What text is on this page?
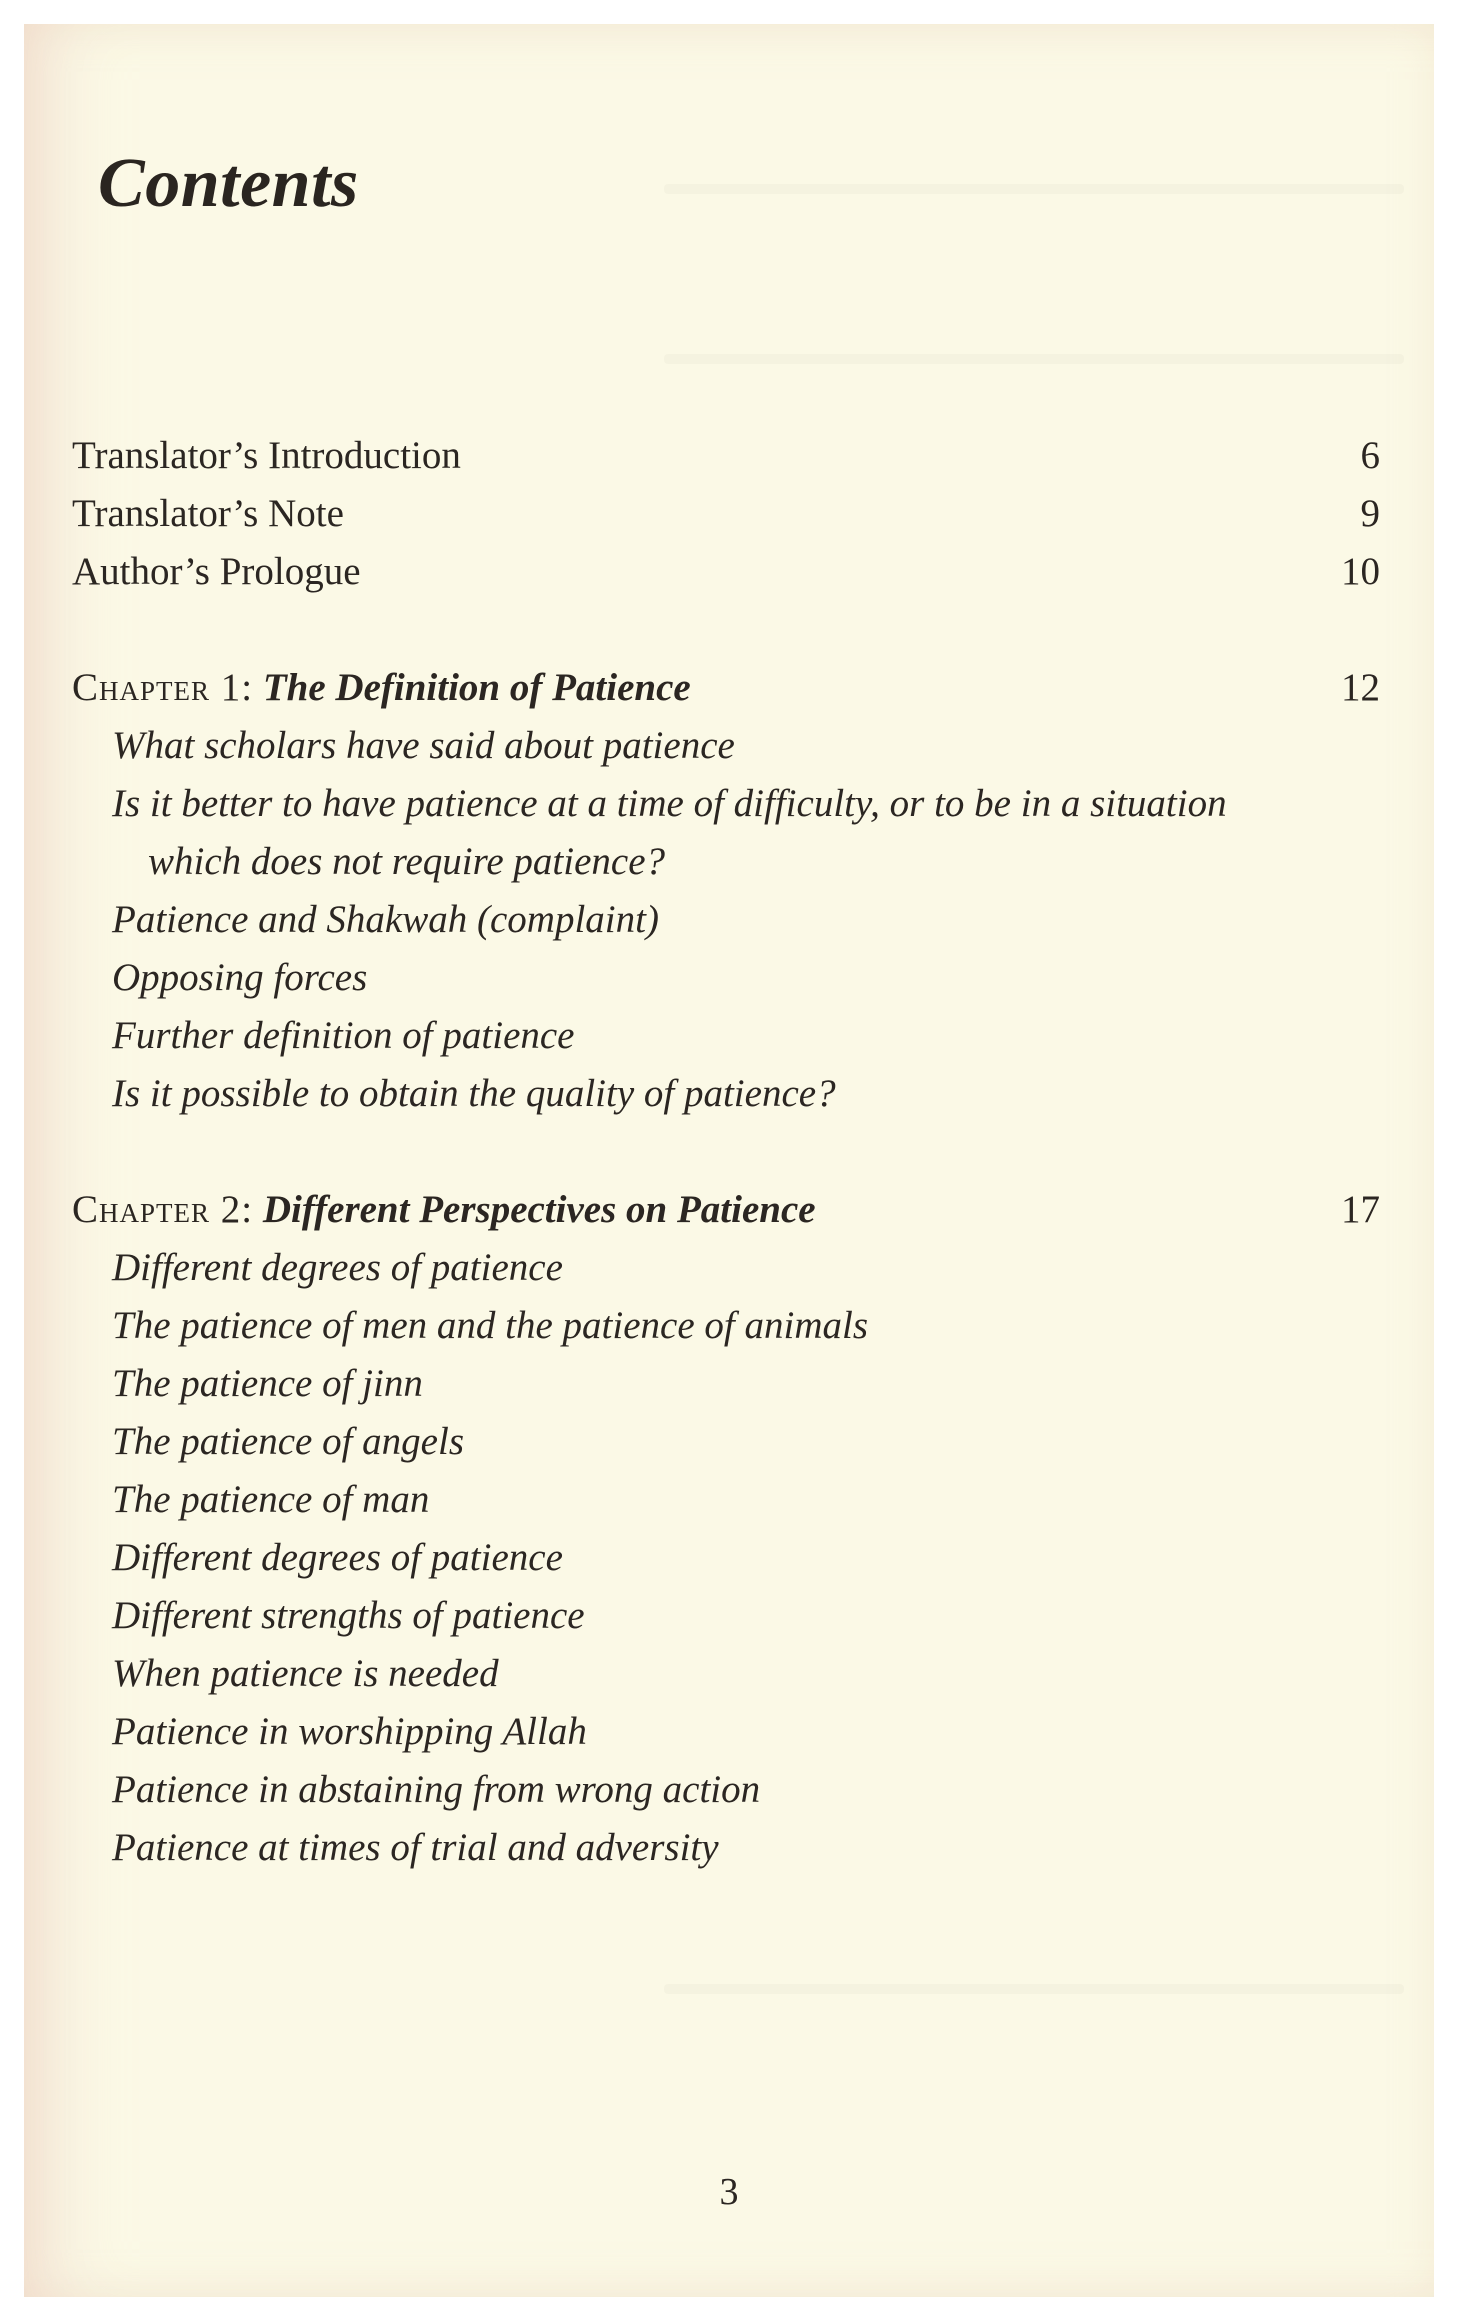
Contents
Translator’s Introduction	6
Translator’s Note	9
Author’s Prologue	10
Chapter 1: The Definition of Patience	12
What scholars have said about patience
Is it better to have patience at a time of difficulty, or to be in a situation
which does not require patience?
Patience and Shakwah (complaint)
Opposing forces
Further definition of patience
Is it possible to obtain the quality of patience?
Chapter 2: Different Perspectives on Patience	17
Different degrees of patience
The patience of men and the patience of animals
The patience of jinn
The patience of angels
The patience of man
Different degrees of patience
Different strengths of patience
When patience is needed
Patience in worshipping Allah
Patience in abstaining from wrong action
Patience at times of trial and adversity
3
